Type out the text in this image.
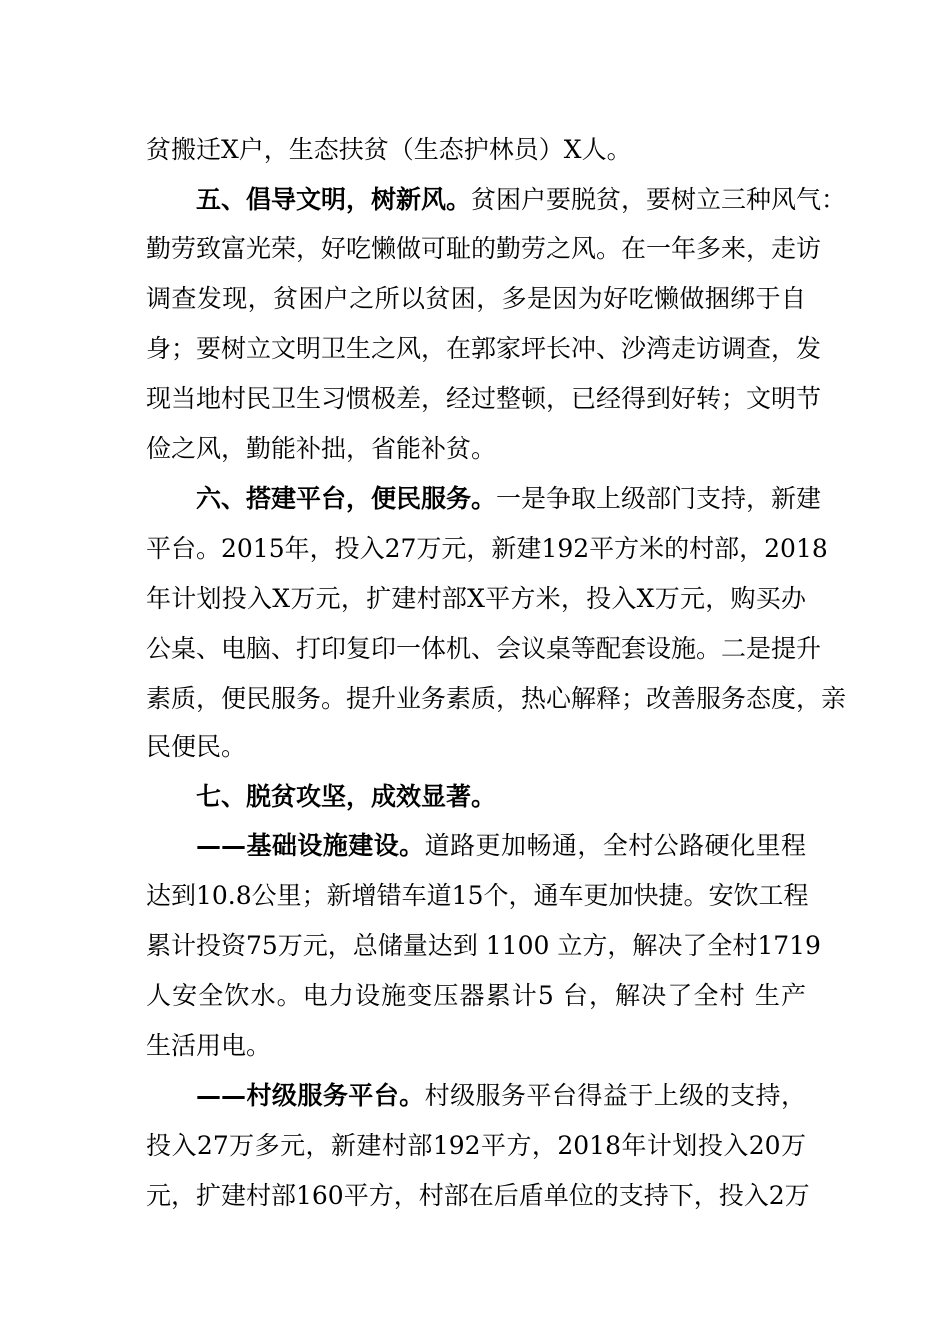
贫搬迁X户，生态扶贫（生态护林员）X人。
五、倡导文明，树新风。贫困户要脱贫，要树立三种风气：
勤劳致富光荣，好吃懒做可耻的勤劳之风。在一年多来，走访
调查发现，贫困户之所以贫困，多是因为好吃懒做捆绑于自
身；要树立文明卫生之风，在郭家坪长冲、沙湾走访调查，发
现当地村民卫生习惯极差，经过整顿，已经得到好转；文明节
俭之风，勤能补拙，省能补贫。
六、搭建平台，便民服务。一是争取上级部门支持，新建
平台。2015年，投入27万元，新建192平方米的村部，2018
年计划投入X万元，扩建村部X平方米，投入X万元，购买办
公桌、电脑、打印复印一体机、会议桌等配套设施。二是提升
素质，便民服务。提升业务素质，热心解释；改善服务态度，亲
民便民。
七、脱贫攻坚，成效显著。
——基础设施建设。道路更加畅通，全村公路硬化里程
达到10.8公里；新增错车道15个，通车更加快捷。安饮工程
累计投资75万元，总储量达到 1100 立方，解决了全村1719
人安全饮水。电力设施变压器累计5 台，解决了全村 生产
生活用电。
——村级服务平台。村级服务平台得益于上级的支持，
投入27万多元，新建村部192平方，2018年计划投入20万
元，扩建村部160平方，村部在后盾单位的支持下，投入2万
